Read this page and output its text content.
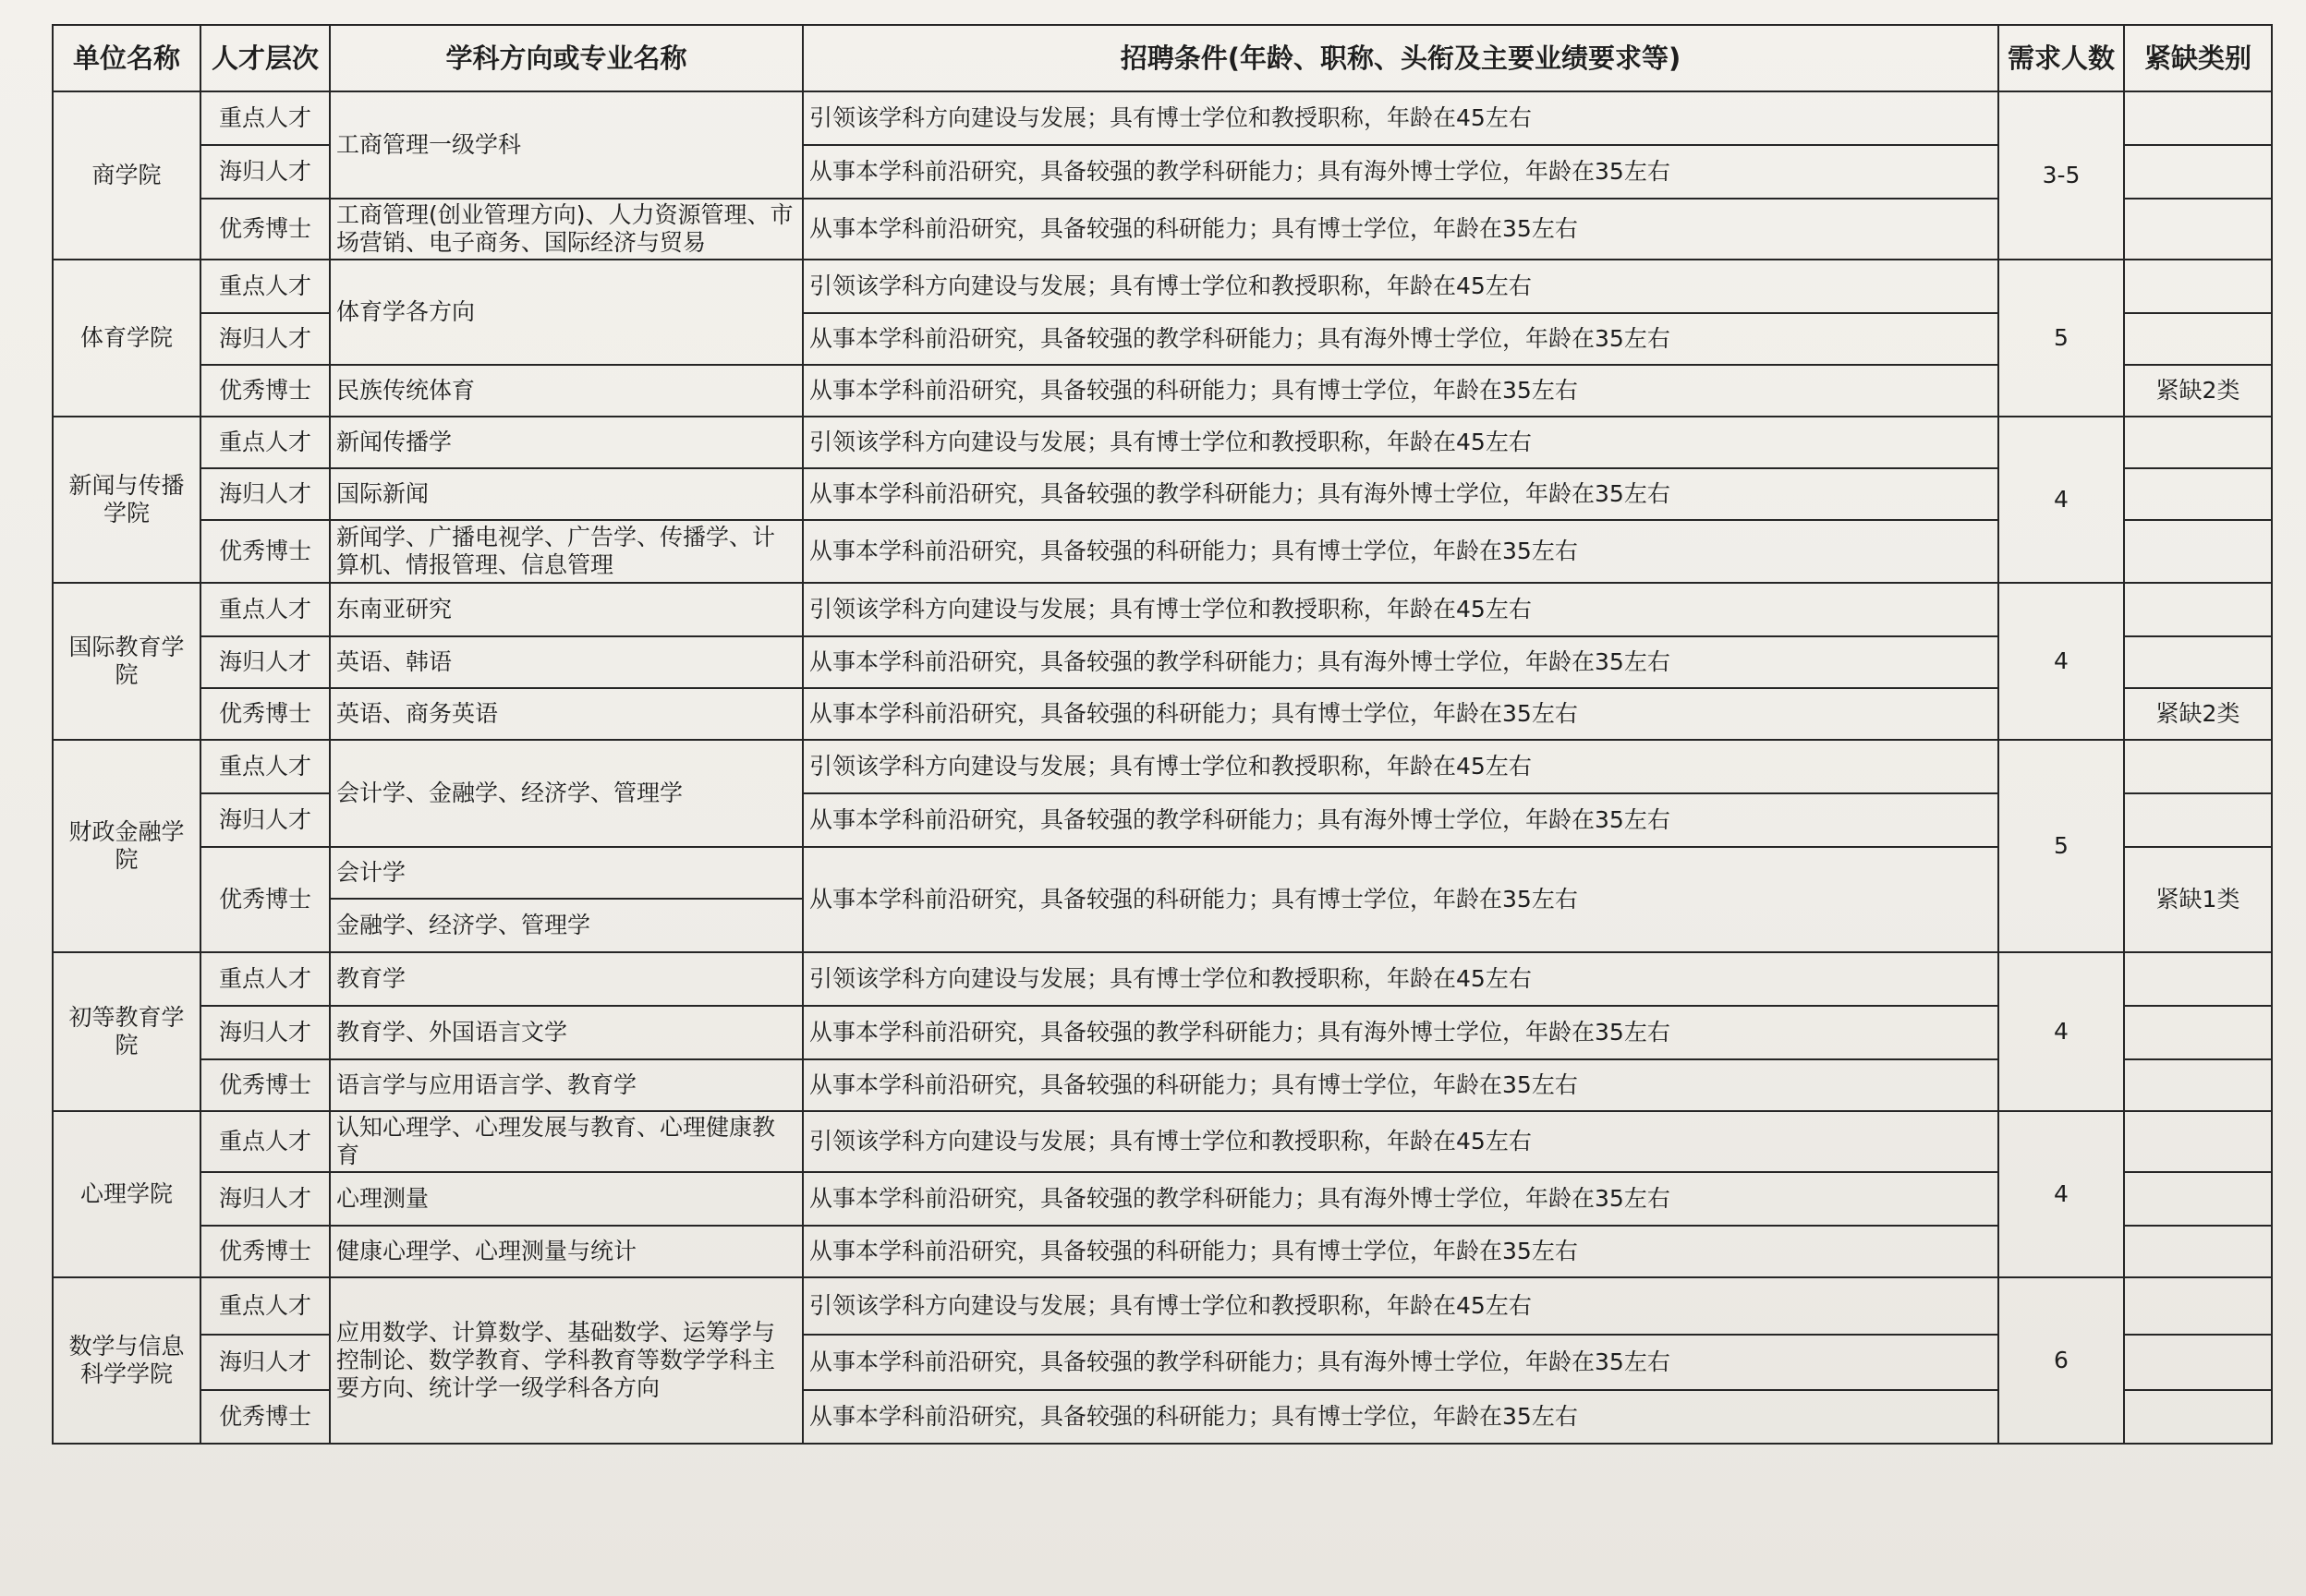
单位名称	人才层次	学科方向或专业名称	招聘条件(年龄、职称、头衔及主要业绩要求等)	需求人数	紧缺类别
商学院	重点人才	工商管理一级学科	引领该学科方向建设与发展；具有博士学位和教授职称，年龄在45左右	3-5	
	海归人才		从事本学科前沿研究，具备较强的教学科研能力；具有海外博士学位，年龄在35左右		
	优秀博士	工商管理(创业管理方向)、人力资源管理、市场营销、电子商务、国际经济与贸易	从事本学科前沿研究，具备较强的科研能力；具有博士学位，年龄在35左右		
体育学院	重点人才	体育学各方向	引领该学科方向建设与发展；具有博士学位和教授职称，年龄在45左右	5	
	海归人才		从事本学科前沿研究，具备较强的教学科研能力；具有海外博士学位，年龄在35左右		
	优秀博士	民族传统体育	从事本学科前沿研究，具备较强的科研能力；具有博士学位，年龄在35左右		紧缺2类
新闻与传播学院	重点人才	新闻传播学	引领该学科方向建设与发展；具有博士学位和教授职称，年龄在45左右	4	
	海归人才	国际新闻	从事本学科前沿研究，具备较强的教学科研能力；具有海外博士学位，年龄在35左右		
	优秀博士	新闻学、广播电视学、广告学、传播学、计算机、情报管理、信息管理	从事本学科前沿研究，具备较强的科研能力；具有博士学位，年龄在35左右		
国际教育学院	重点人才	东南亚研究	引领该学科方向建设与发展；具有博士学位和教授职称，年龄在45左右	4	
	海归人才	英语、韩语	从事本学科前沿研究，具备较强的教学科研能力；具有海外博士学位，年龄在35左右		
	优秀博士	英语、商务英语	从事本学科前沿研究，具备较强的科研能力；具有博士学位，年龄在35左右		紧缺2类
财政金融学院	重点人才	会计学、金融学、经济学、管理学	引领该学科方向建设与发展；具有博士学位和教授职称，年龄在45左右	5	
	海归人才		从事本学科前沿研究，具备较强的教学科研能力；具有海外博士学位，年龄在35左右		
	优秀博士	会计学	从事本学科前沿研究，具备较强的科研能力；具有博士学位，年龄在35左右		紧缺1类
		金融学、经济学、管理学			
初等教育学院	重点人才	教育学	引领该学科方向建设与发展；具有博士学位和教授职称，年龄在45左右	4	
	海归人才	教育学、外国语言文学	从事本学科前沿研究，具备较强的教学科研能力；具有海外博士学位，年龄在35左右		
	优秀博士	语言学与应用语言学、教育学	从事本学科前沿研究，具备较强的科研能力；具有博士学位，年龄在35左右		
心理学院	重点人才	认知心理学、心理发展与教育、心理健康教育	引领该学科方向建设与发展；具有博士学位和教授职称，年龄在45左右	4	
	海归人才	心理测量	从事本学科前沿研究，具备较强的教学科研能力；具有海外博士学位，年龄在35左右		
	优秀博士	健康心理学、心理测量与统计	从事本学科前沿研究，具备较强的科研能力；具有博士学位，年龄在35左右		
数学与信息科学学院	重点人才	应用数学、计算数学、基础数学、运筹学与控制论、数学教育、学科教育等数学学科主要方向、统计学一级学科各方向	引领该学科方向建设与发展；具有博士学位和教授职称，年龄在45左右	6	
	海归人才		从事本学科前沿研究，具备较强的教学科研能力；具有海外博士学位，年龄在35左右		
	优秀博士		从事本学科前沿研究，具备较强的科研能力；具有博士学位，年龄在35左右		
